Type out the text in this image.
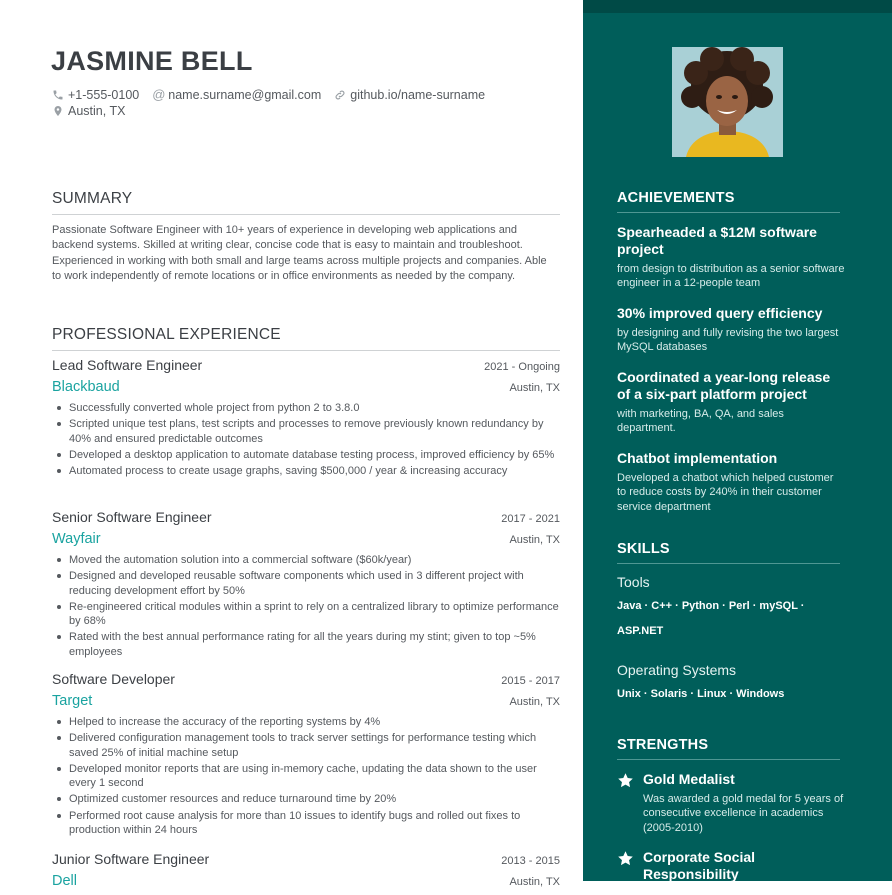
JASMINE BELL
+1-555-0100 @ name.surname@gmail.com github.io/name-surname
Austin, TX
SUMMARY
Passionate Software Engineer with 10+ years of experience in developing web applications and backend systems. Skilled at writing clear, concise code that is easy to maintain and troubleshoot. Experienced in working with both small and large teams across multiple projects and companies. Able to work independently of remote locations or in office environments as needed by the company.
PROFESSIONAL EXPERIENCE
Lead Software Engineer	2021 - Ongoing
Blackbaud	Austin, TX
Successfully converted whole project from python 2 to 3.8.0
Scripted unique test plans, test scripts and processes to remove previously known redundancy by 40% and ensured predictable outcomes
Developed a desktop application to automate database testing process, improved efficiency by 65%
Automated process to create usage graphs, saving $500,000 / year & increasing accuracy
Senior Software Engineer	2017 - 2021
Wayfair	Austin, TX
Moved the automation solution into a commercial software ($60k/year)
Designed and developed reusable software components which used in 3 different project with reducing development effort by 50%
Re-engineered critical modules within a sprint to rely on a centralized library to optimize performance by 68%
Rated with the best annual performance rating for all the years during my stint; given to top ~5% employees
Software Developer	2015 - 2017
Target	Austin, TX
Helped to increase the accuracy of the reporting systems by 4%
Delivered configuration management tools to track server settings for performance testing which saved 25% of initial machine setup
Developed monitor reports that are using in-memory cache, updating the data shown to the user every 1 second
Optimized customer resources and reduce turnaround time by 20%
Performed root cause analysis for more than 10 issues to identify bugs and rolled out fixes to production within 24 hours
Junior Software Engineer	2013 - 2015
Dell	Austin, TX
ACHIEVEMENTS
Spearheaded a $12M software project
from design to distribution as a senior software engineer in a 12-people team
30% improved query efficiency
by designing and fully revising the two largest MySQL databases
Coordinated a year-long release of a six-part platform project
with marketing, BA, QA, and sales department.
Chatbot implementation
Developed a chatbot which helped customer to reduce costs by 240% in their customer service department
SKILLS
Tools
Java · C++ · Python · Perl · mySQL · ASP.NET
Operating Systems
Unix · Solaris · Linux · Windows
STRENGTHS
Gold Medalist
Was awarded a gold medal for 5 years of consecutive excellence in academics (2005-2010)
Corporate Social Responsibility
